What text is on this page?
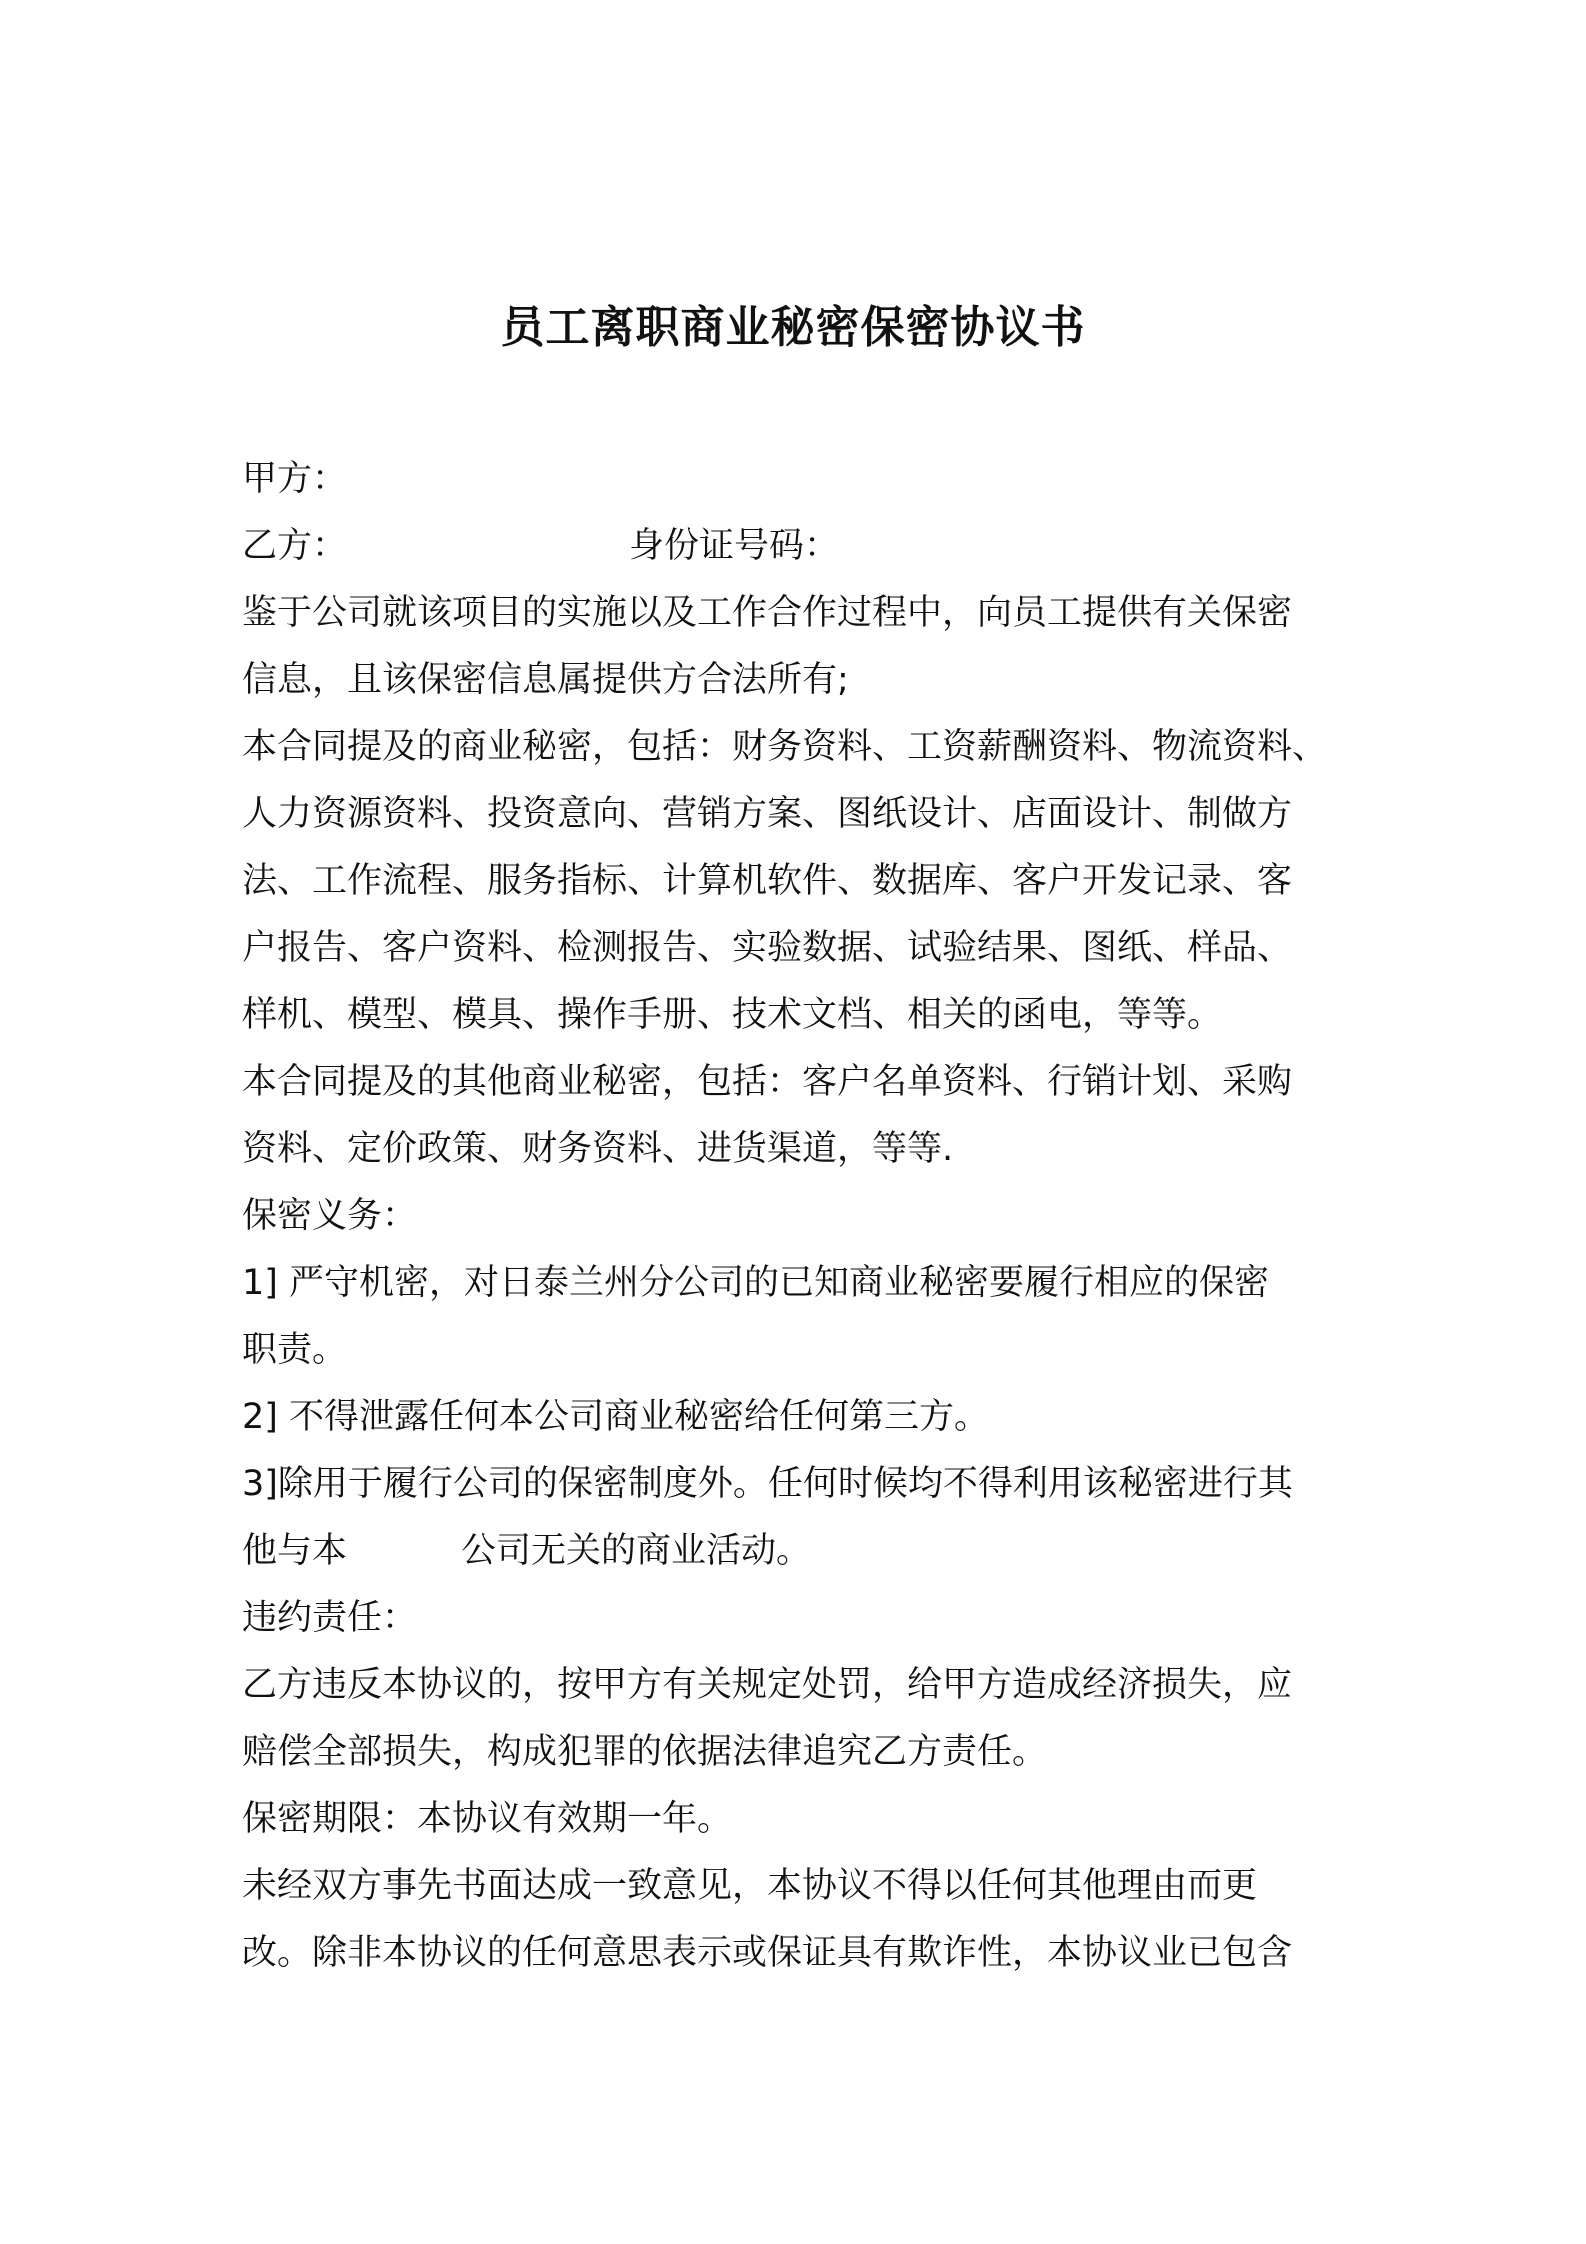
员工离职商业秘密保密协议书
甲方：
乙方：	身份证号码：
鉴于公司就该项目的实施以及工作合作过程中，向员工提供有关保密
信息，且该保密信息属提供方合法所有;
本合同提及的商业秘密，包括：财务资料、工资薪酬资料、物流资料、
人力资源资料、投资意向、营销方案、图纸设计、店面设计、制做方
法、工作流程、服务指标、计算机软件、数据库、客户开发记录、客
户报告、客户资料、检测报告、实验数据、试验结果、图纸、样品、
样机、模型、模具、操作手册、技术文档、相关的函电，等等。
本合同提及的其他商业秘密，包括：客户名单资料、行销计划、采购
资料、定价政策、财务资料、进货渠道，等等.
保密义务：
1] 严守机密，对日泰兰州分公司的已知商业秘密要履行相应的保密
职责。
2] 不得泄露任何本公司商业秘密给任何第三方。
3]除用于履行公司的保密制度外。任何时候均不得利用该秘密进行其
他与本	公司无关的商业活动。
违约责任：
乙方违反本协议的，按甲方有关规定处罚，给甲方造成经济损失，应
赔偿全部损失，构成犯罪的依据法律追究乙方责任。
保密期限：本协议有效期一年。
未经双方事先书面达成一致意见，本协议不得以任何其他理由而更
改。除非本协议的任何意思表示或保证具有欺诈性，本协议业已包含
